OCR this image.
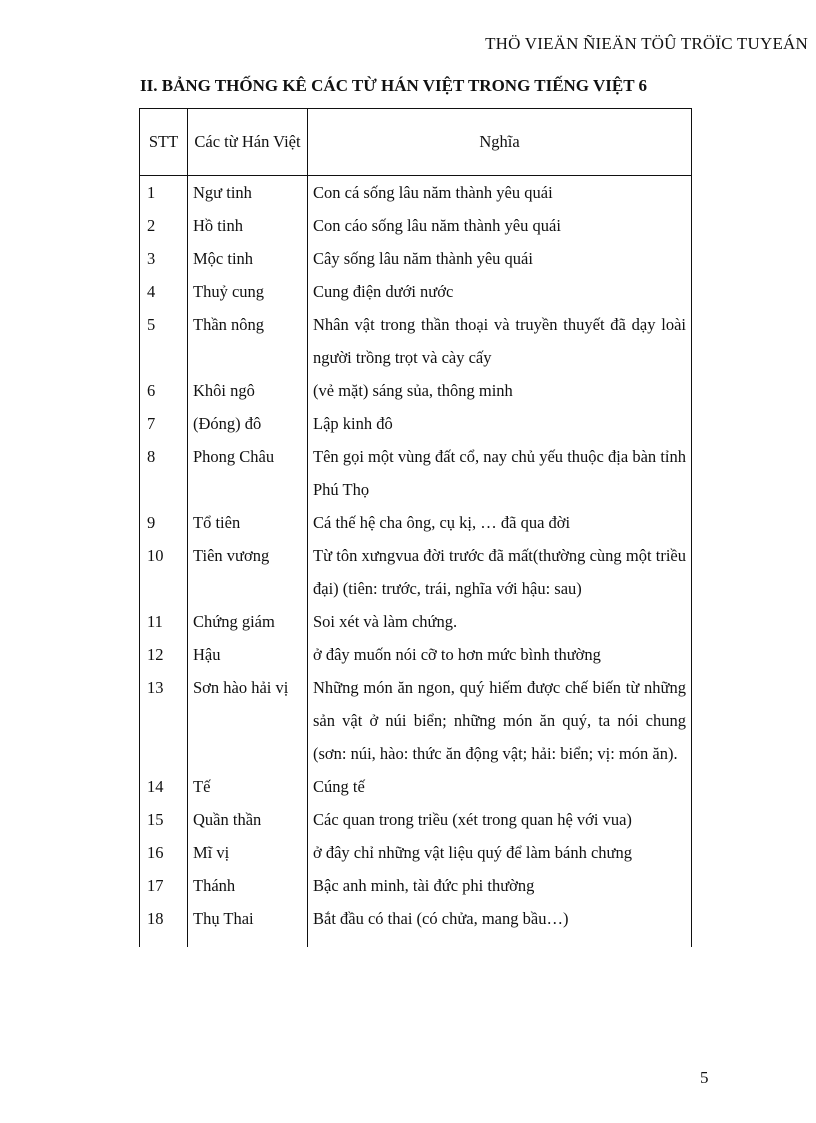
THÖ VIEÄN ÑIEÄN TÖÛ TRÖÏC TUYEÁN
II. BẢNG THỐNG KÊ CÁC TỪ HÁN VIỆT TRONG TIẾNG VIỆT 6
STT	Các từ Hán Việt	Nghĩa
1	Ngư tinh	Con cá sống lâu năm thành yêu quái
2	Hồ tinh	Con cáo sống lâu năm thành yêu quái
3	Mộc tinh	Cây sống lâu năm thành yêu quái
4	Thuỷ cung	Cung điện dưới nước
5	Thần nông	Nhân vật trong thần thoại và truyền thuyết đã dạy loài người trồng trọt và cày cấy
6	Khôi ngô	(vẻ mặt) sáng sủa, thông minh
7	(Đóng) đô	Lập kinh đô
8	Phong Châu	Tên gọi một vùng đất cổ, nay chủ yếu thuộc địa bàn tỉnh Phú Thọ
9	Tổ tiên	Cá thế hệ cha ông, cụ kị, … đã qua đời
10	Tiên vương	Từ tôn xưngvua đời trước đã mất(thường cùng một triều đại) (tiên: trước, trái, nghĩa với hậu: sau)
11	Chứng giám	Soi xét và làm chứng.
12	Hậu	ở đây muốn nói cỡ to hơn mức bình thường
13	Sơn hào hải vị	Những món ăn ngon, quý hiếm được chế biến từ những sản vật ở núi biển; những món ăn quý, ta nói chung (sơn: núi, hào: thức ăn động vật; hải: biển; vị: món ăn).
14	Tế	Cúng tế
15	Quần thần	Các quan trong triều (xét trong quan hệ với vua)
16	Mĩ vị	ở đây chỉ những vật liệu quý để làm bánh chưng
17	Thánh	Bậc anh minh, tài đức phi thường
18	Thụ Thai	Bắt đầu có thai (có chửa, mang bầu…)
5
